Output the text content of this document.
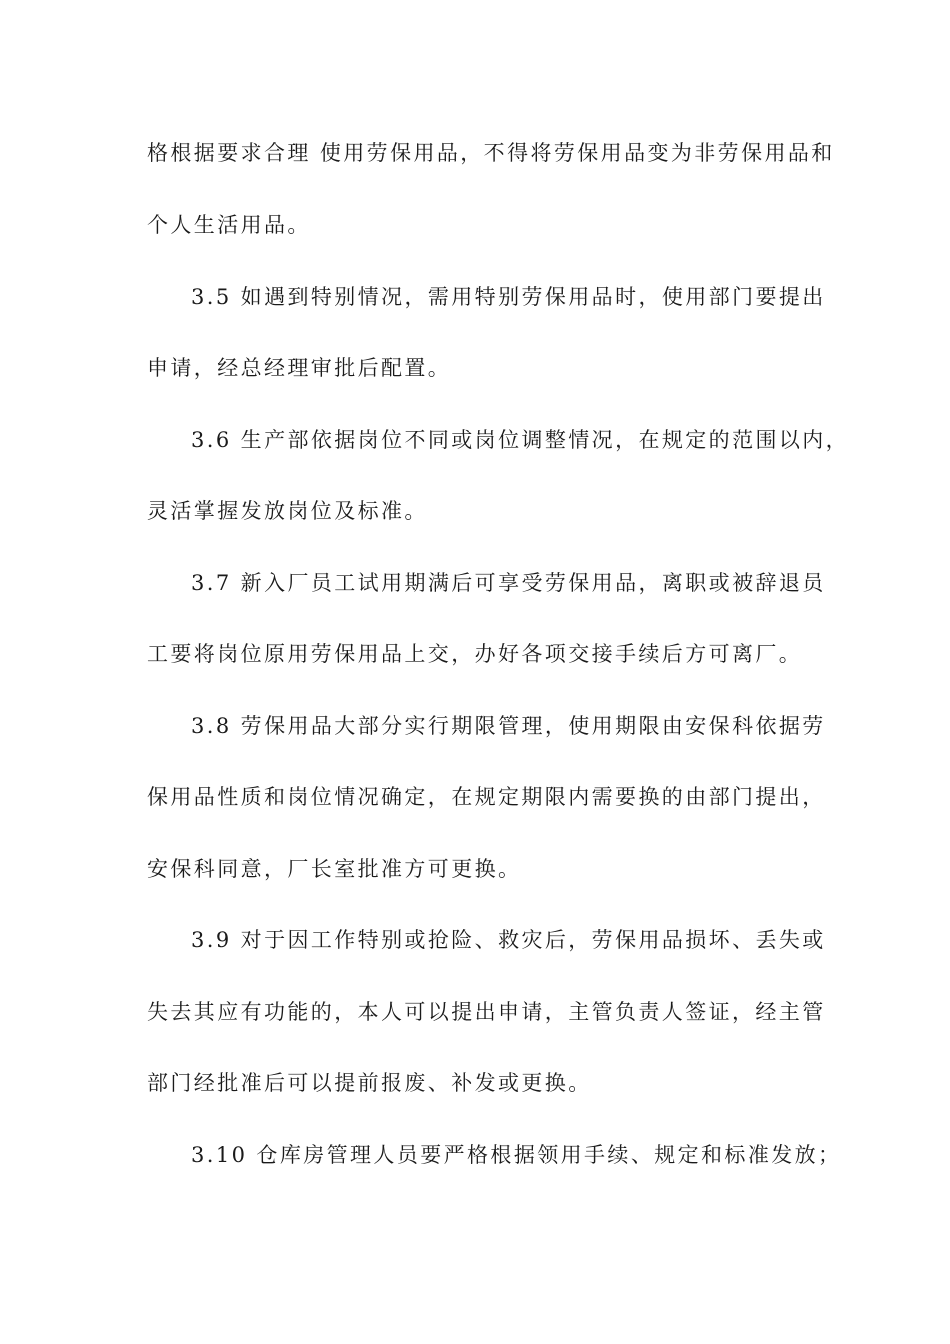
格根据要求合理 使用劳保用品，不得将劳保用品变为非劳保用品和
个人生活用品。
3.5 如遇到特别情况，需用特别劳保用品时，使用部门要提出
申请，经总经理审批后配置。
3.6 生产部依据岗位不同或岗位调整情况，在规定的范围以内，
灵活掌握发放岗位及标准。
3.7 新入厂员工试用期满后可享受劳保用品，离职或被辞退员
工要将岗位原用劳保用品上交，办好各项交接手续后方可离厂。
3.8 劳保用品大部分实行期限管理，使用期限由安保科依据劳
保用品性质和岗位情况确定，在规定期限内需要换的由部门提出，
安保科同意，厂长室批准方可更换。
3.9 对于因工作特别或抢险、救灾后，劳保用品损坏、丢失或
失去其应有功能的，本人可以提出申请，主管负责人签证，经主管
部门经批准后可以提前报废、补发或更换。
3.10 仓库房管理人员要严格根据领用手续、规定和标准发放；
